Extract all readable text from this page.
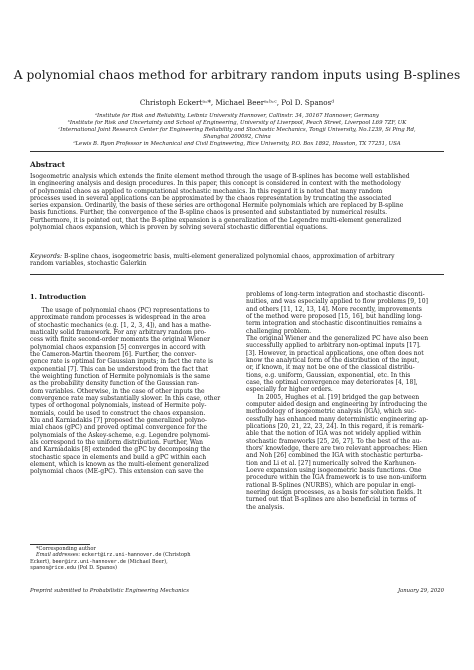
A polynomial chaos method for arbitrary random inputs using B-splines
Christoph Eckertᵃ˒*, Michael Beerᵃ˒ᵇ˒ᶜ, Pol D. Spanosᵈ
ᵃInstitute for Risk and Reliability, Leibniz University Hannover, Callinstr. 34, 30167 Hannover, Germany
ᵇInstitute for Risk and Uncertainty and School of Engineering, University of Liverpool, Peach Street, Liverpool L69 7ZF, UK
ᶜInternational Joint Research Center for Engineering Reliability and Stochastic Mechanics, Tongji University, No.1239, Si Ping Rd,
Shanghai 200092, China
ᵈLewis B. Ryon Professor in Mechanical and Civil Engineering, Rice University, P.O. Box 1892, Houston, TX 77251, USA
Abstract
Isogeometric analysis which extends the finite element method through the usage of B-splines has become well established
in engineering analysis and design procedures. In this paper, this concept is considered in context with the methodology
of polynomial chaos as applied to computational stochastic mechanics. In this regard it is noted that many random
processes used in several applications can be approximated by the chaos representation by truncating the associated
series expansion. Ordinarily, the basis of these series are orthogonal Hermite polynomials which are replaced by B-spline
basis functions. Further, the convergence of the B-spline chaos is presented and substantiated by numerical results.
Furthermore, it is pointed out, that the B-spline expansion is a generalization of the Legendre multi-element generalized
polynomial chaos expansion, which is proven by solving several stochastic differential equations.
Keywords: B-spline chaos, isogeometric basis, multi-element generalized polynomial chaos, approximation of arbitrary
random variables, stochastic Galerkin
1. Introduction
The usage of polynomial chaos (PC) representations to
approximate random processes is widespread in the area
of stochastic mechanics (e.g. [1, 2, 3, 4]), and has a mathe-
matically solid framework. For any arbitrary random pro-
cess with finite second-order moments the original Wiener
polynomial chaos expansion [5] converges in accord with
the Cameron-Martin theorem [6]. Further, the conver-
gence rate is optimal for Gaussian inputs; in fact the rate is
exponential [7]. This can be understood from the fact that
the weighting function of Hermite polynomials is the same
as the probability density function of the Gaussian ran-
dom variables. Otherwise, in the case of other inputs the
convergence rate may substantially slower. In this case, other
types of orthogonal polynomials, instead of Hermite poly-
nomials, could be used to construct the chaos expansion.
Xiu and Karniadakis [7] proposed the generalized polyno-
mial chaos (gPC) and proved optimal convergence for the
polynomials of the Askey-scheme, e.g. Legendre polynomi-
als correspond to the uniform distribution. Further, Wan
and Karniadakis [8] extended the gPC by decomposing the
stochastic space in elements and build a gPC within each
element, which is known as the multi-element generalized
polynomial chaos (ME-gPC). This extension can save the
problems of long-term integration and stochastic disconti-
nuities, and was especially applied to flow problems [9, 10]
and others [11, 12, 13, 14]. More recently, improvements
of the method were proposed [15, 16], but handling long-
term integration and stochastic discontinuities remains a
challenging problem.
The original Wiener and the generalized PC have also been
successfully applied to arbitrary non-optimal inputs [17].
[3]. However, in practical applications, one often does not
know the analytical form of the distribution of the input,
or, if known, it may not be one of the classical distribu-
tions, e.g. uniform, Gaussian, exponential, etc. In this
case, the optimal convergence may deteriorates [4, 18],
especially for higher orders.
In 2005, Hughes et al. [19] bridged the gap between
computer aided design and engineering by introducing the
methodology of isogeometric analysis (IGA), which suc-
cessfully has enhanced many deterministic engineering ap-
plications [20, 21, 22, 23, 24]. In this regard, it is remark-
able that the notion of IGA was not widely applied within
stochastic frameworks [25, 26, 27]. To the best of the au-
thors' knowledge, there are two relevant approaches: Hien
and Noh [26] combined the IGA with stochastic perturba-
tion and Li et al. [27] numerically solved the Karhunen-
Loeve expansion using isogeometric basis functions. One
procedure within the IGA framework is to use non-uniform
rational B-Splines (NURBS), which are popular in engi-
neering design processes, as a basis for solution fields. It
turned out that B-splines are also beneficial in terms of
the analysis.
*Corresponding author
Email addresses: eckert@irz.uni-hannover.de (Christoph
Eckert), beer@irz.uni-hannover.de (Michael Beer),
spanos@rice.edu (Pol D. Spanos)
Preprint submitted to Probabilistic Engineering Mechanics	January 29, 2020
